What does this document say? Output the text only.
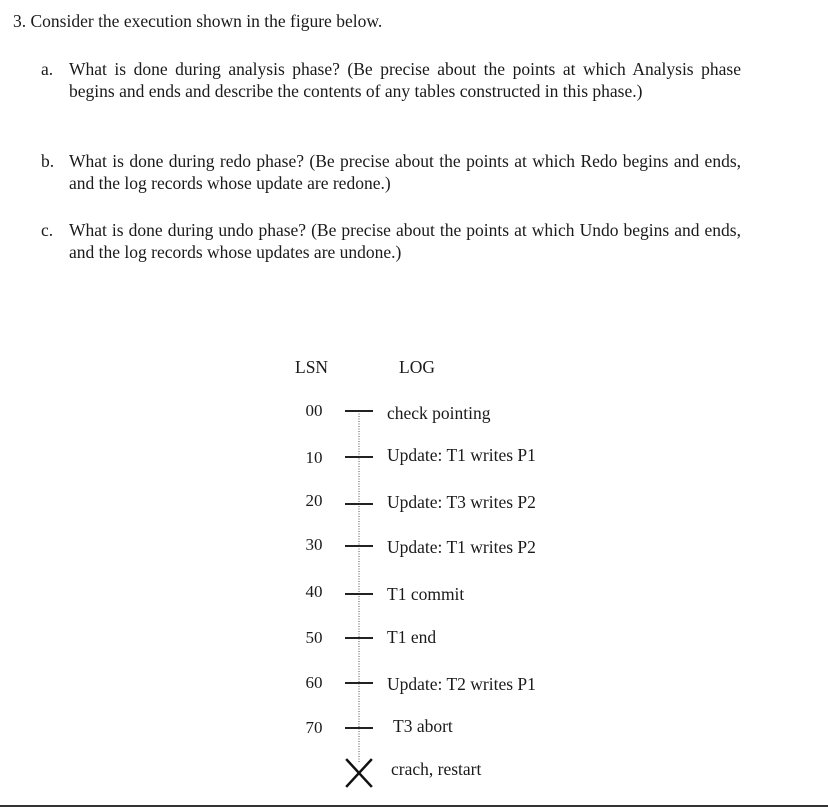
3. Consider the execution shown in the figure below.
a. What is done during analysis phase? (Be precise about the points at which Analysis phase begins and ends and describe the contents of any tables constructed in this phase.)
b. What is done during redo phase? (Be precise about the points at which Redo begins and ends, and the log records whose update are redone.)
c. What is done during undo phase? (Be precise about the points at which Undo begins and ends, and the log records whose updates are undone.)
LSN	LOG
00
10
20
30
40
50
60
70
check pointing
Update: T1 writes P1
Update: T3 writes P2
Update: T1 writes P2
T1 commit
T1 end
Update: T2 writes P1
T3 abort
crach, restart
